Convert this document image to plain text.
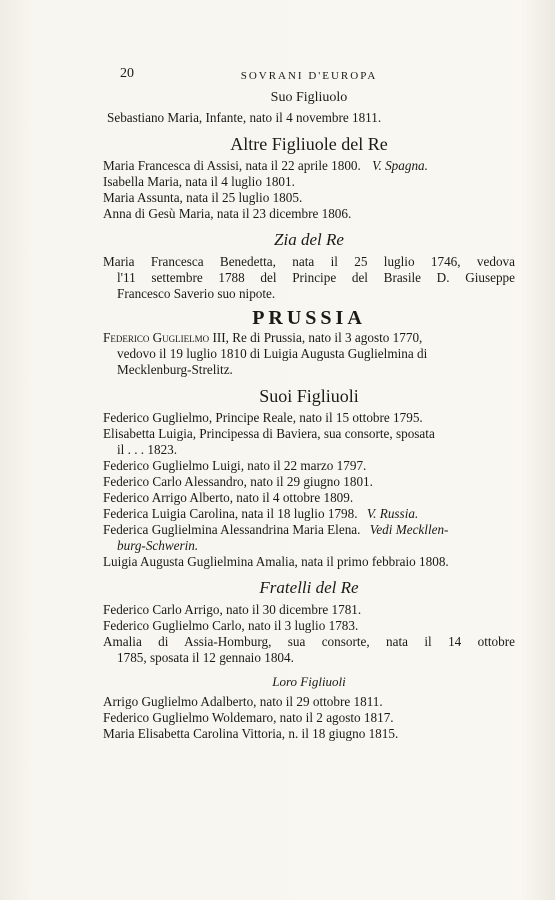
20	SOVRANI D'EUROPA
Suo Figliuolo
Sebastiano Maria, Infante, nato il 4 novembre 1811.
Altre Figliuole del Re
Maria Francesca di Assisi, nata il 22 aprile 1800. V. Spagna.
Isabella Maria, nata il 4 luglio 1801.
Maria Assunta, nata il 25 luglio 1805.
Anna di Gesù Maria, nata il 23 dicembre 1806.
Zia del Re
Maria Francesca Benedetta, nata il 25 luglio 1746, vedova
l'11 settembre 1788 del Principe del Brasile D. Giuseppe
Francesco Saverio suo nipote.
PRUSSIA
Federico Guglielmo III, Re di Prussia, nato il 3 agosto 1770,
vedovo il 19 luglio 1810 di Luigia Augusta Guglielmina di
Mecklenburg-Strelitz.
Suoi Figliuoli
Federico Guglielmo, Principe Reale, nato il 15 ottobre 1795.
Elisabetta Luigia, Principessa di Baviera, sua consorte, sposata
il . . . 1823.
Federico Guglielmo Luigi, nato il 22 marzo 1797.
Federico Carlo Alessandro, nato il 29 giugno 1801.
Federico Arrigo Alberto, nato il 4 ottobre 1809.
Federica Luigia Carolina, nata il 18 luglio 1798. V. Russia.
Federica Guglielmina Alessandrina Maria Elena. Vedi Meckllen-
burg-Schwerin.
Luigia Augusta Guglielmina Amalia, nata il primo febbraio 1808.
Fratelli del Re
Federico Carlo Arrigo, nato il 30 dicembre 1781.
Federico Guglielmo Carlo, nato il 3 luglio 1783.
Amalia di Assia-Homburg, sua consorte, nata il 14 ottobre
1785, sposata il 12 gennaio 1804.
Loro Figliuoli
Arrigo Guglielmo Adalberto, nato il 29 ottobre 1811.
Federico Guglielmo Woldemaro, nato il 2 agosto 1817.
Maria Elisabetta Carolina Vittoria, n. il 18 giugno 1815.
